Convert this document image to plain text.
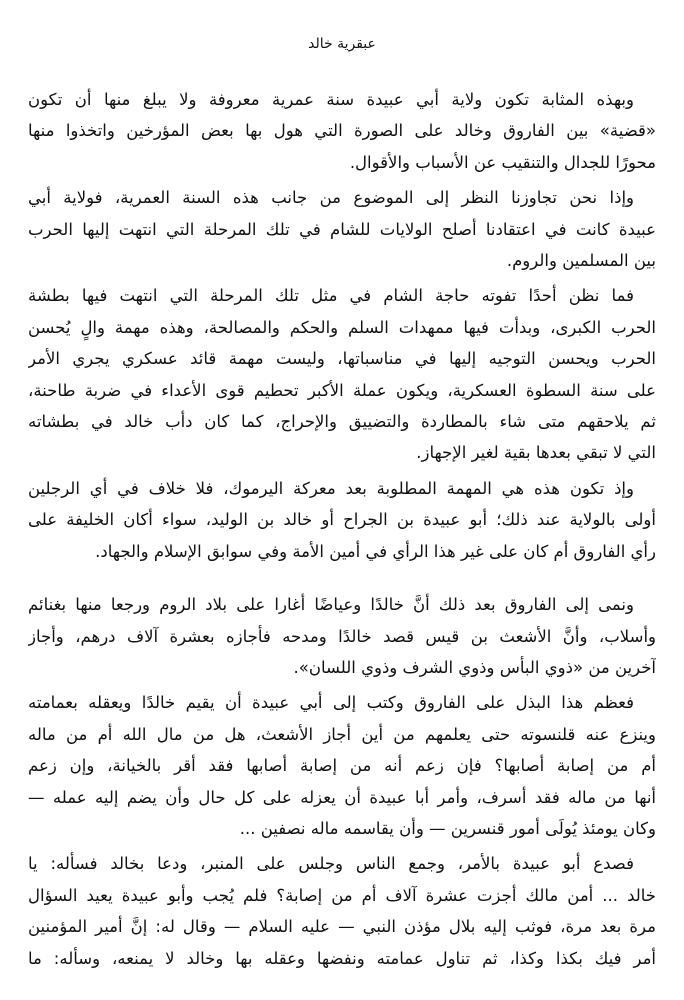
عبقرية خالد

وبهذه المثابة تكون ولاية أبي عبيدة سنة عمرية معروفة ولا يبلغ منها أن تكون
«قضية» بين الفاروق وخالد على الصورة التي هول بها بعض المؤرخين واتخذوا منها
محورًا للجدال والتنقيب عن الأسباب والأقوال.

وإذا نحن تجاوزنا النظر إلى الموضوع من جانب هذه السنة العمرية، فولاية أبي
عبيدة كانت في اعتقادنا أصلح الولايات للشام في تلك المرحلة التي انتهت إليها الحرب
بين المسلمين والروم.

فما نظن أحدًا تفوته حاجة الشام في مثل تلك المرحلة التي انتهت فيها بطشة
الحرب الكبرى، وبدأت فيها ممهدات السلم والحكم والمصالحة، وهذه مهمة والٍ يُحسن
الحرب ويحسن التوجيه إليها في مناسباتها، وليست مهمة قائد عسكري يجري الأمر
على سنة السطوة العسكرية، ويكون عملة الأكبر تحطيم قوى الأعداء في ضربة طاحنة،
ثم يلاحقهم متى شاء بالمطاردة والتضييق والإحراج، كما كان دأب خالد في بطشاته
التي لا تبقي بعدها بقية لغير الإجهاز.

وإذ تكون هذه هي المهمة المطلوبة بعد معركة اليرموك، فلا خلاف في أي الرجلين
أولى بالولاية عند ذلك؛ أبو عبيدة بن الجراح أو خالد بن الوليد، سواء أكان الخليفة على
رأي الفاروق أم كان على غير هذا الرأي في أمين الأمة وفي سوابق الإسلام والجهاد.

ونمى إلى الفاروق بعد ذلك أنَّ خالدًا وعياضًا أغارا على بلاد الروم ورجعا منها بغنائم
وأسلاب، وأنَّ الأشعث بن قيس قصد خالدًا ومدحه فأجازه بعشرة آلاف درهم، وأجاز
آخرين من «ذوي البأس وذوي الشرف وذوي اللسان».

فعظم هذا البذل على الفاروق وكتب إلى أبي عبيدة أن يقيم خالدًا ويعقله بعمامته
وينزع عنه قلنسوته حتى يعلمهم من أين أجاز الأشعث، هل من مال الله أم من ماله
أم من إصابة أصابها؟ فإن زعم أنه من إصابة أصابها فقد أقر بالخيانة، وإن زعم
أنها من ماله فقد أسرف، وأمر أبا عبيدة أن يعزله على كل حال وأن يضم إليه عمله —
وكان يومئذ يُولَى أمور قنسرين — وأن يقاسمه ماله نصفين ...

فصدع أبو عبيدة بالأمر، وجمع الناس وجلس على المنبر، ودعا بخالد فسأله: يا
خالد ... أمن مالك أجزت عشرة آلاف أم من إصابة؟ فلم يُجب وأبو عبيدة يعيد السؤال
مرة بعد مرة، فوثب إليه بلال مؤذن النبي — عليه السلام — وقال له: إنَّ أمير المؤمنين
أمر فيك بكذا وكذا، ثم تناول عمامته ونفضها وعقله بها وخالد لا يمنعه، وسأله: ما
